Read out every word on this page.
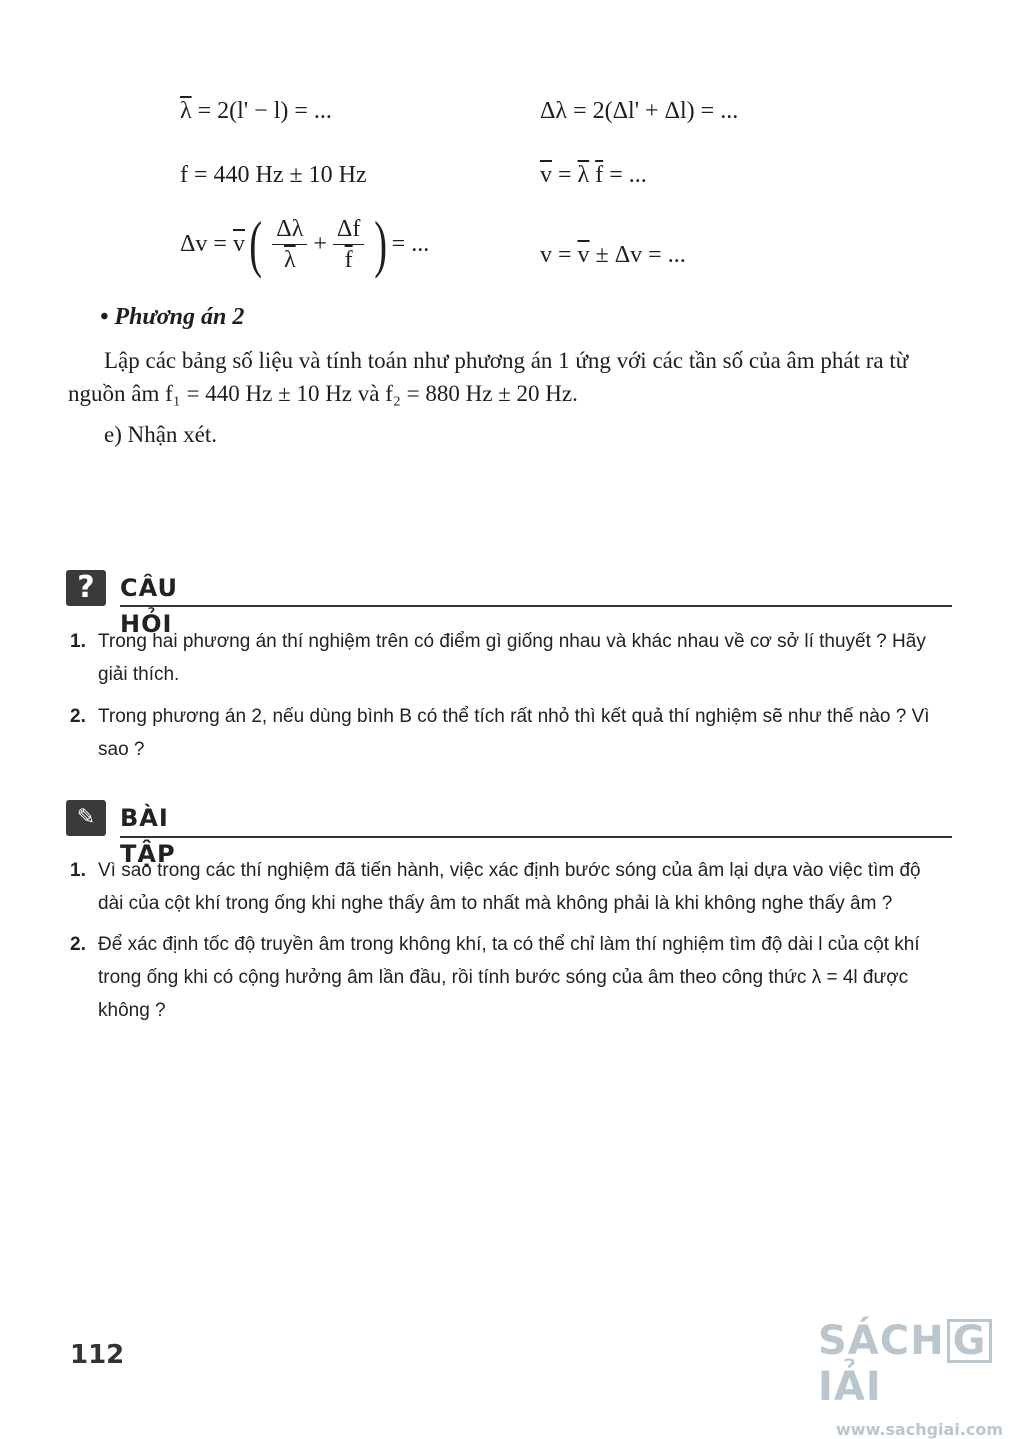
$\overline{\lambda} = 2(l' - l)$ = ...	Δλ = 2(Δl' + Δl) = ...
f = 440 Hz ± 10 Hz	$\overline{v} = \overline{\lambda}$ $\overline{f}$ = ...
$\Delta v = \overline{v}$ ( $\frac{\Delta\lambda}{\lambda} + \frac{\Delta f}{f}$ ) = ...	$v = \overline{v} \pm \Delta v$ = ...
• Phương án 2
Lập các bảng số liệu và tính toán như phương án 1 ứng với các tần số của âm phát ra từ nguồn âm f₁ = 440 Hz ± 10 Hz và f₂ = 880 Hz ± 20 Hz.
e) Nhận xét.
?	CÂU HỎI
1. Trong hai phương án thí nghiệm trên có điểm gì giống nhau và khác nhau về cơ sở lí thuyết ? Hãy giải thích.
2. Trong phương án 2, nếu dùng bình B có thể tích rất nhỏ thì kết quả thí nghiệm sẽ như thế nào ? Vì sao ?
✎	BÀI TẬP
1. Vì sao trong các thí nghiệm đã tiến hành, việc xác định bước sóng của âm lại dựa vào việc tìm độ dài của cột khí trong ống khi nghe thấy âm to nhất mà không phải là khi không nghe thấy âm ?
2. Để xác định tốc độ truyền âm trong không khí, ta có thể chỉ làm thí nghiệm tìm độ dài l của cột khí trong ống khi có cộng hưởng âm lần đầu, rồi tính bước sóng của âm theo công thức λ = 4l được không ?
112	SÁCH GIẢI
www.sachgiai.com
